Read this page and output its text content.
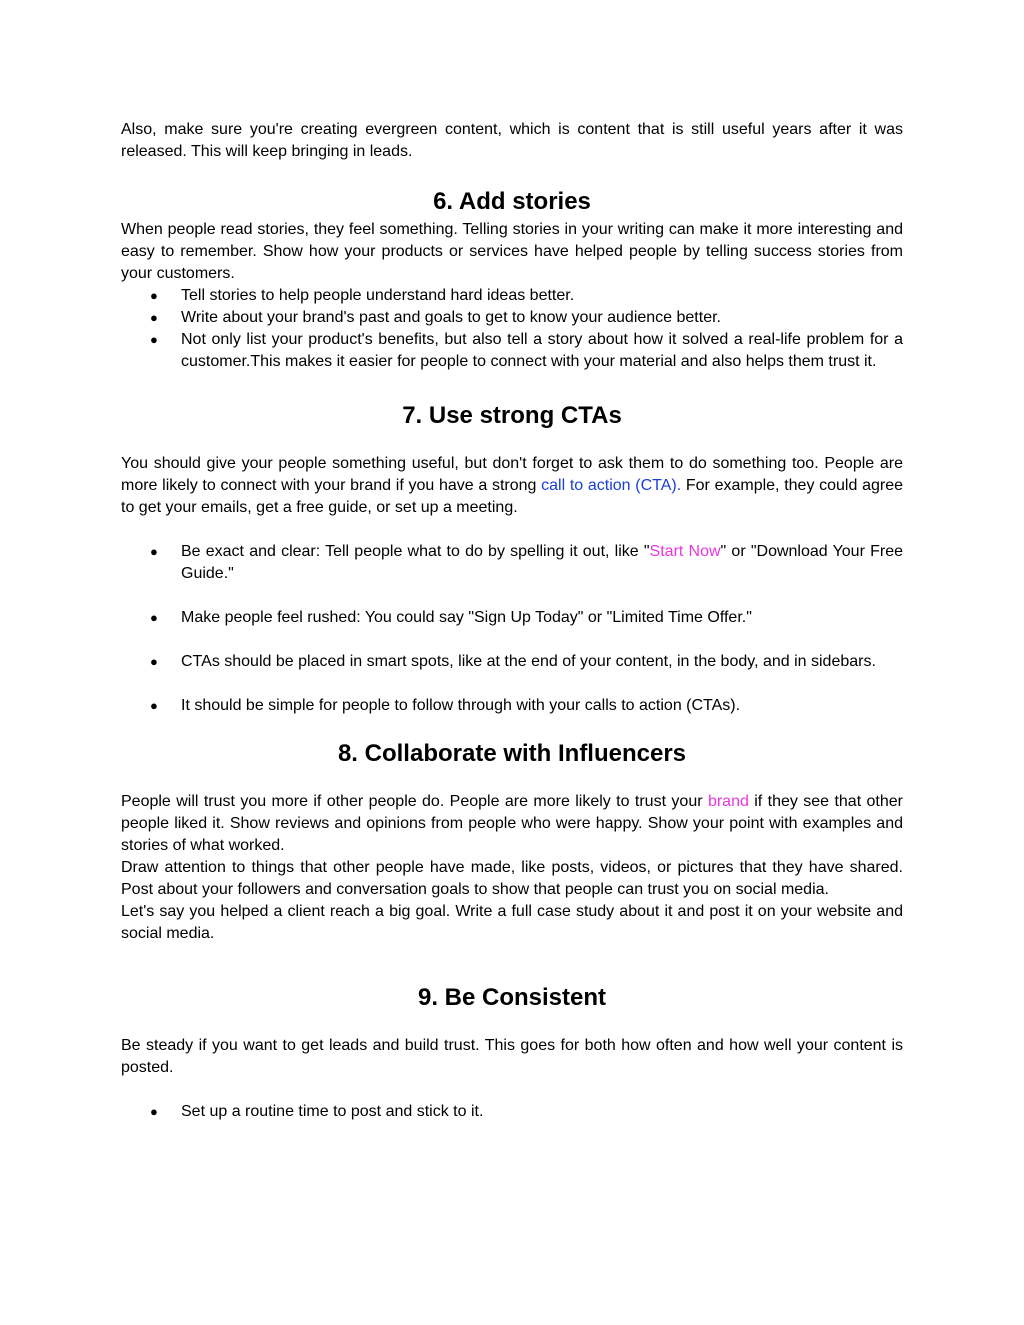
Also, make sure you're creating evergreen content, which is content that is still useful years after it was released. This will keep bringing in leads.

6. Add stories

When people read stories, they feel something. Telling stories in your writing can make it more interesting and easy to remember. Show how your products or services have helped people by telling success stories from your customers.

● Tell stories to help people understand hard ideas better.
● Write about your brand's past and goals to get to know your audience better.
● Not only list your product's benefits, but also tell a story about how it solved a real-life problem for a customer.This makes it easier for people to connect with your material and also helps them trust it.
7. Use strong CTAs

You should give your people something useful, but don't forget to ask them to do something too. People are more likely to connect with your brand if you have a strong call to action (CTA). For example, they could agree to get your emails, get a free guide, or set up a meeting.

● Be exact and clear: Tell people what to do by spelling it out, like "Start Now" or "Download Your Free Guide."
● Make people feel rushed: You could say "Sign Up Today" or "Limited Time Offer."
● CTAs should be placed in smart spots, like at the end of your content, in the body, and in sidebars.
● It should be simple for people to follow through with your calls to action (CTAs).
8. Collaborate with Influencers

People will trust you more if other people do. People are more likely to trust your brand if they see that other people liked it. Show reviews and opinions from people who were happy. Show your point with examples and stories of what worked.

Draw attention to things that other people have made, like posts, videos, or pictures that they have shared. Post about your followers and conversation goals to show that people can trust you on social media.

Let's say you helped a client reach a big goal. Write a full case study about it and post it on your website and social media.

9. Be Consistent

Be steady if you want to get leads and build trust. This goes for both how often and how well your content is posted.

● Set up a routine time to post and stick to it.
